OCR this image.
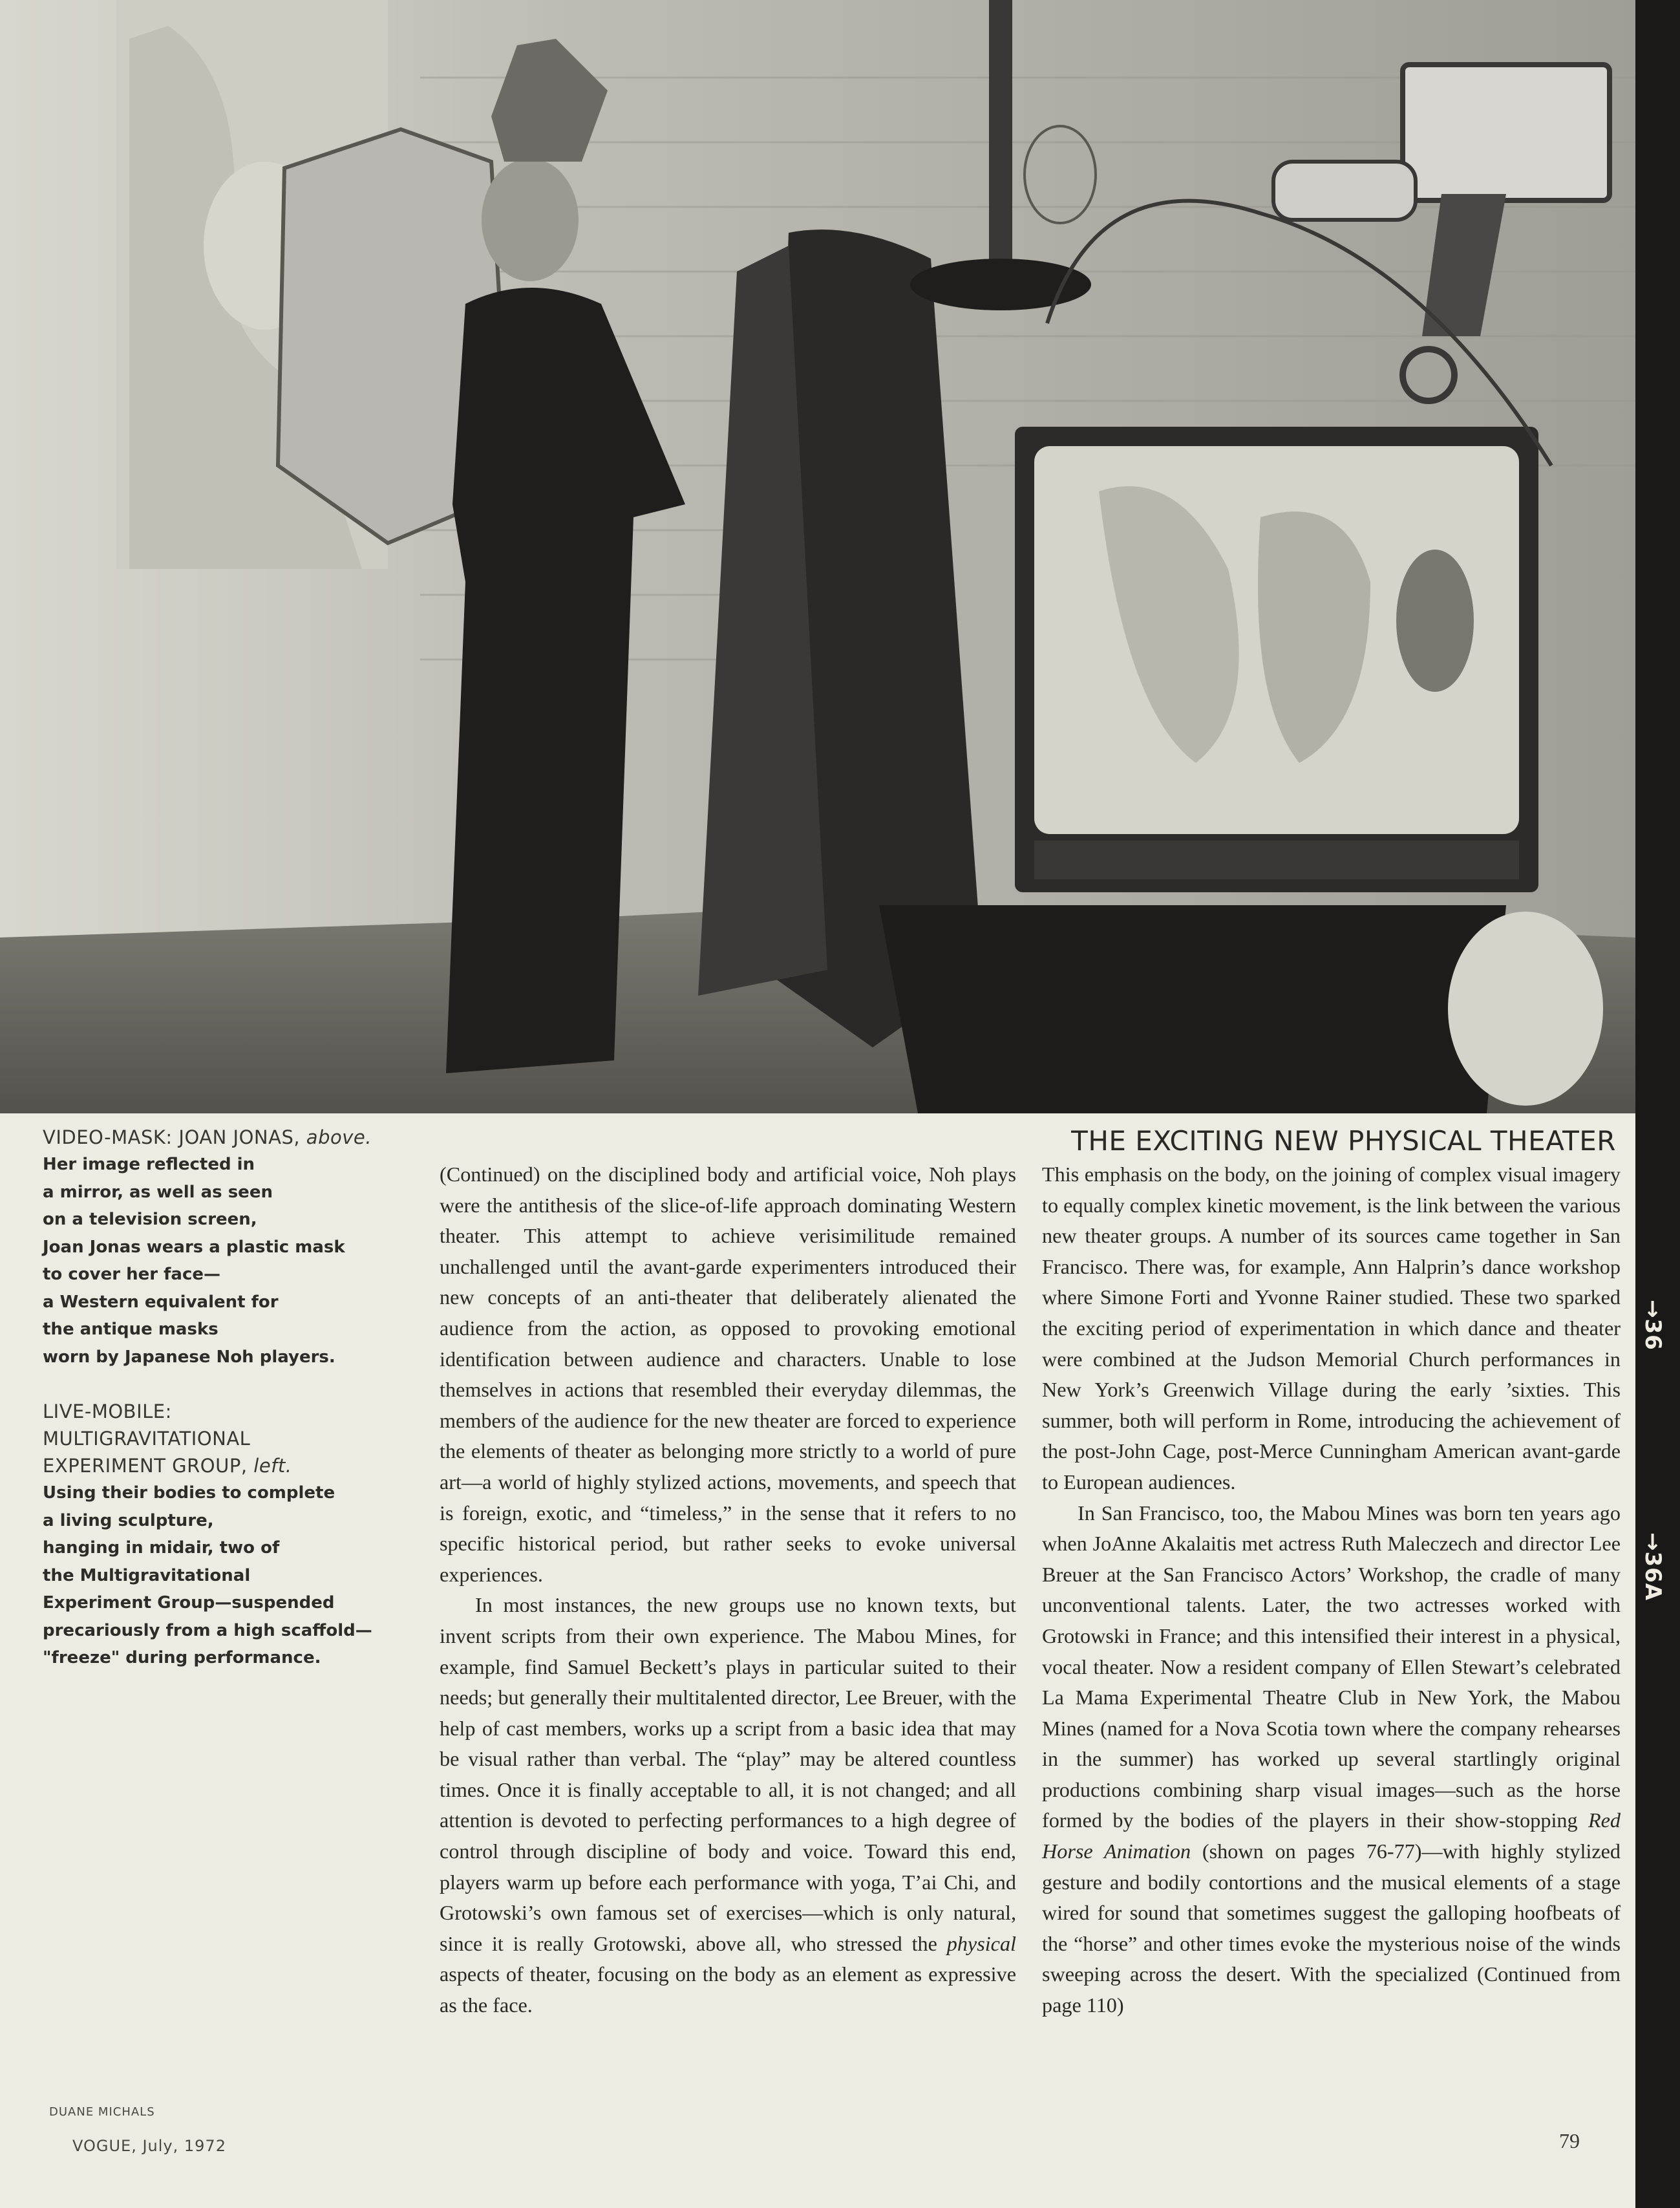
→36
→36A
VIDEO-MASK: JOAN JONAS, above.
Her image reflected in
a mirror, as well as seen
on a television screen,
Joan Jonas wears a plastic mask
to cover her face—
a Western equivalent for
the antique masks
worn by Japanese Noh players.
LIVE-MOBILE:
MULTIGRAVITATIONAL
EXPERIMENT GROUP, left.
Using their bodies to complete
a living sculpture,
hanging in midair, two of
the Multigravitational
Experiment Group—suspended
precariously from a high scaffold—
"freeze" during performance.
THE EXCITING NEW PHYSICAL THEATER

(Continued) on the disciplined body and artificial voice, Noh plays were the antithesis of the slice-of-life approach dominating Western theater. This attempt to achieve verisimilitude remained unchallenged until the avant-garde experimenters introduced their new concepts of an anti-theater that deliberately alienated the audience from the action, as opposed to provoking emotional identification between audience and characters. Unable to lose themselves in actions that resembled their everyday dilemmas, the members of the audience for the new theater are forced to experience the elements of theater as belonging more strictly to a world of pure art—a world of highly stylized actions, movements, and speech that is foreign, exotic, and “timeless,” in the sense that it refers to no specific historical period, but rather seeks to evoke universal experiences.

In most instances, the new groups use no known texts, but invent scripts from their own experience. The Mabou Mines, for example, find Samuel Beckett’s plays in particular suited to their needs; but generally their multitalented director, Lee Breuer, with the help of cast members, works up a script from a basic idea that may be visual rather than verbal. The “play” may be altered countless times. Once it is finally acceptable to all, it is not changed; and all attention is devoted to perfecting performances to a high degree of control through discipline of body and voice. Toward this end, players warm up before each performance with yoga, T’ai Chi, and Grotowski’s own famous set of exercises—which is only natural, since it is really Grotowski, above all, who stressed the physical aspects of theater, focusing on the body as an element as expressive as the face.

This emphasis on the body, on the joining of complex visual imagery to equally complex kinetic movement, is the link between the various new theater groups. A number of its sources came together in San Francisco. There was, for example, Ann Halprin’s dance workshop where Simone Forti and Yvonne Rainer studied. These two sparked the exciting period of experimentation in which dance and theater were combined at the Judson Memorial Church performances in New York’s Greenwich Village during the early ’sixties. This summer, both will perform in Rome, introducing the achievement of the post-John Cage, post-Merce Cunningham American avant-garde to European audiences.

In San Francisco, too, the Mabou Mines was born ten years ago when JoAnne Akalaitis met actress Ruth Maleczech and director Lee Breuer at the San Francisco Actors’ Workshop, the cradle of many unconventional talents. Later, the two actresses worked with Grotowski in France; and this intensified their interest in a physical, vocal theater. Now a resident company of Ellen Stewart’s celebrated La Mama Experimental Theatre Club in New York, the Mabou Mines (named for a Nova Scotia town where the company rehearses in the summer) has worked up several startlingly original productions combining sharp visual images—such as the horse formed by the bodies of the players in their show-stopping Red Horse Animation (shown on pages 76-77)—with highly stylized gesture and bodily contortions and the musical elements of a stage wired for sound that sometimes suggest the galloping hoofbeats of the “horse” and other times evoke the mysterious noise of the winds sweeping across the desert. With the specialized (Continued from page 110)

DUANE MICHALS
VOGUE, July, 1972	79
